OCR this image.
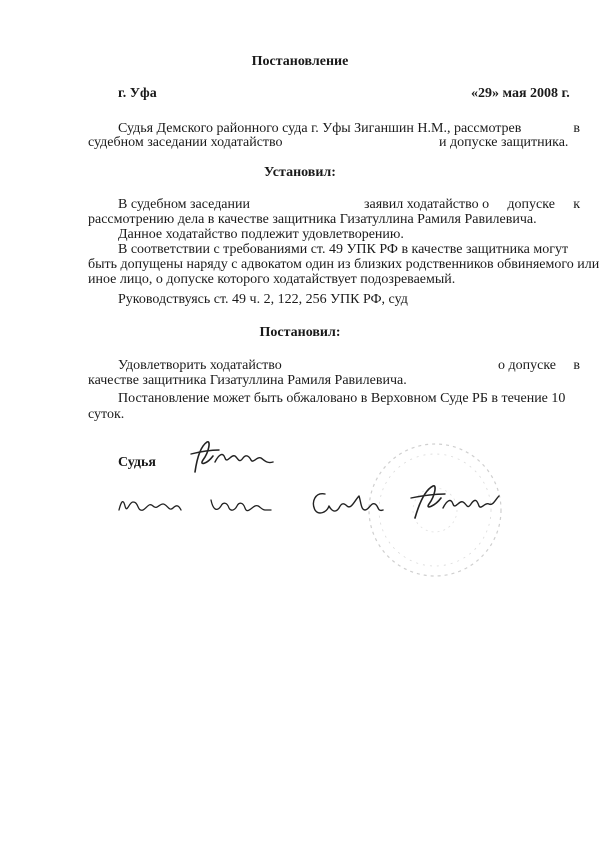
Постановление
г. Уфа	«29» мая 2008 г.
Судья Демского районного суда г. Уфы Зиганшин Н.М., рассмотрев	в
судебном заседании ходатайство	и допуске защитника.
Установил:
В судебном заседании	заявил ходатайство о допуске к
рассмотрению дела в качестве защитника Гизатуллина Рамиля Равилевича.
Данное ходатайство подлежит удовлетворению.
В соответствии с требованиями ст. 49 УПК РФ в качестве защитника могут
быть допущены наряду с адвокатом один из близких родственников обвиняемого или
иное лицо, о допуске которого ходатайствует подозреваемый.
Руководствуясь ст. 49 ч. 2, 122, 256 УПК РФ, суд
Постановил:
Удовлетворить ходатайство	о допуске в
качестве защитника Гизатуллина Рамиля Равилевича.
Постановление может быть обжаловано в Верховном Суде РБ в течение 10
суток.
Судья
